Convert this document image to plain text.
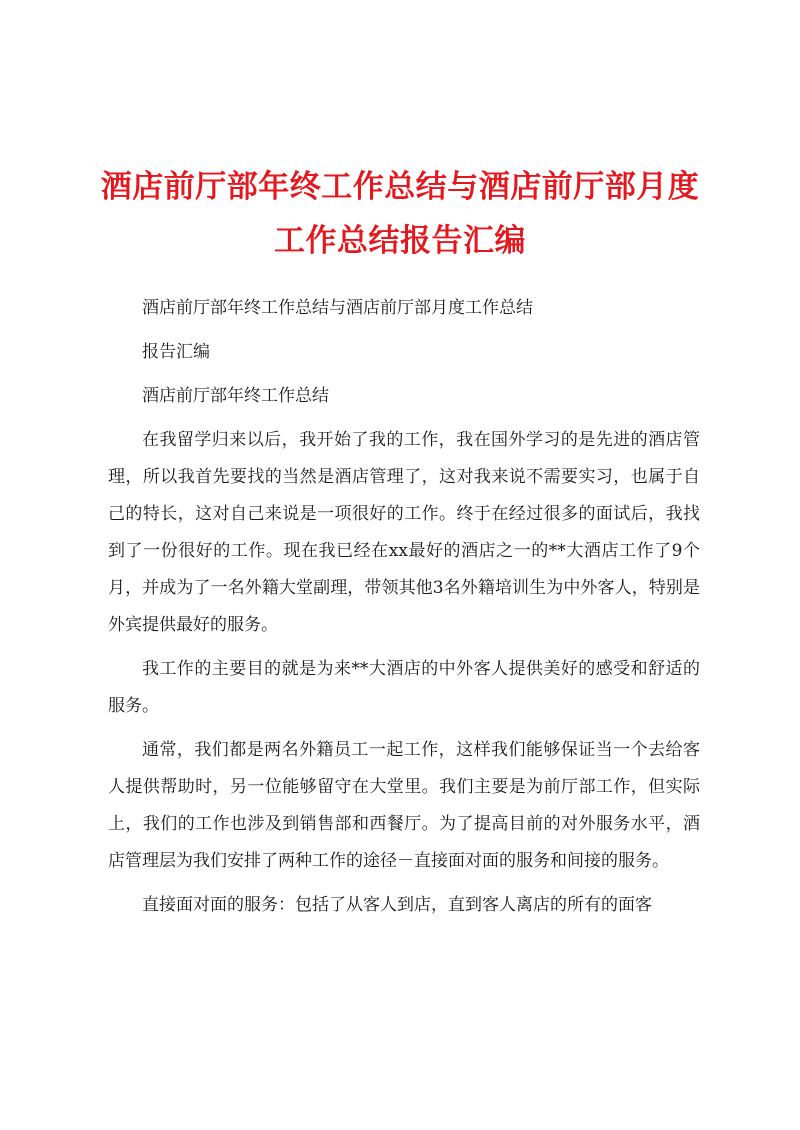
酒店前厅部年终工作总结与酒店前厅部月度工作总结报告汇编

酒店前厅部年终工作总结与酒店前厅部月度工作总结

报告汇编

酒店前厅部年终工作总结

在我留学归来以后，我开始了我的工作，我在国外学习的是先进的酒店管理，所以我首先要找的当然是酒店管理了，这对我来说不需要实习，也属于自己的特长，这对自己来说是一项很好的工作。终于在经过很多的面试后，我找到了一份很好的工作。现在我已经在xx最好的酒店之一的**大酒店工作了9个月，并成为了一名外籍大堂副理，带领其他3名外籍培训生为中外客人，特别是外宾提供最好的服务。

我工作的主要目的就是为来**大酒店的中外客人提供美好的感受和舒适的服务。

通常，我们都是两名外籍员工一起工作，这样我们能够保证当一个去给客人提供帮助时，另一位能够留守在大堂里。我们主要是为前厅部工作，但实际上，我们的工作也涉及到销售部和西餐厅。为了提高目前的对外服务水平，酒店管理层为我们安排了两种工作的途径－直接面对面的服务和间接的服务。

直接面对面的服务：包括了从客人到店，直到客人离店的所有的面客
